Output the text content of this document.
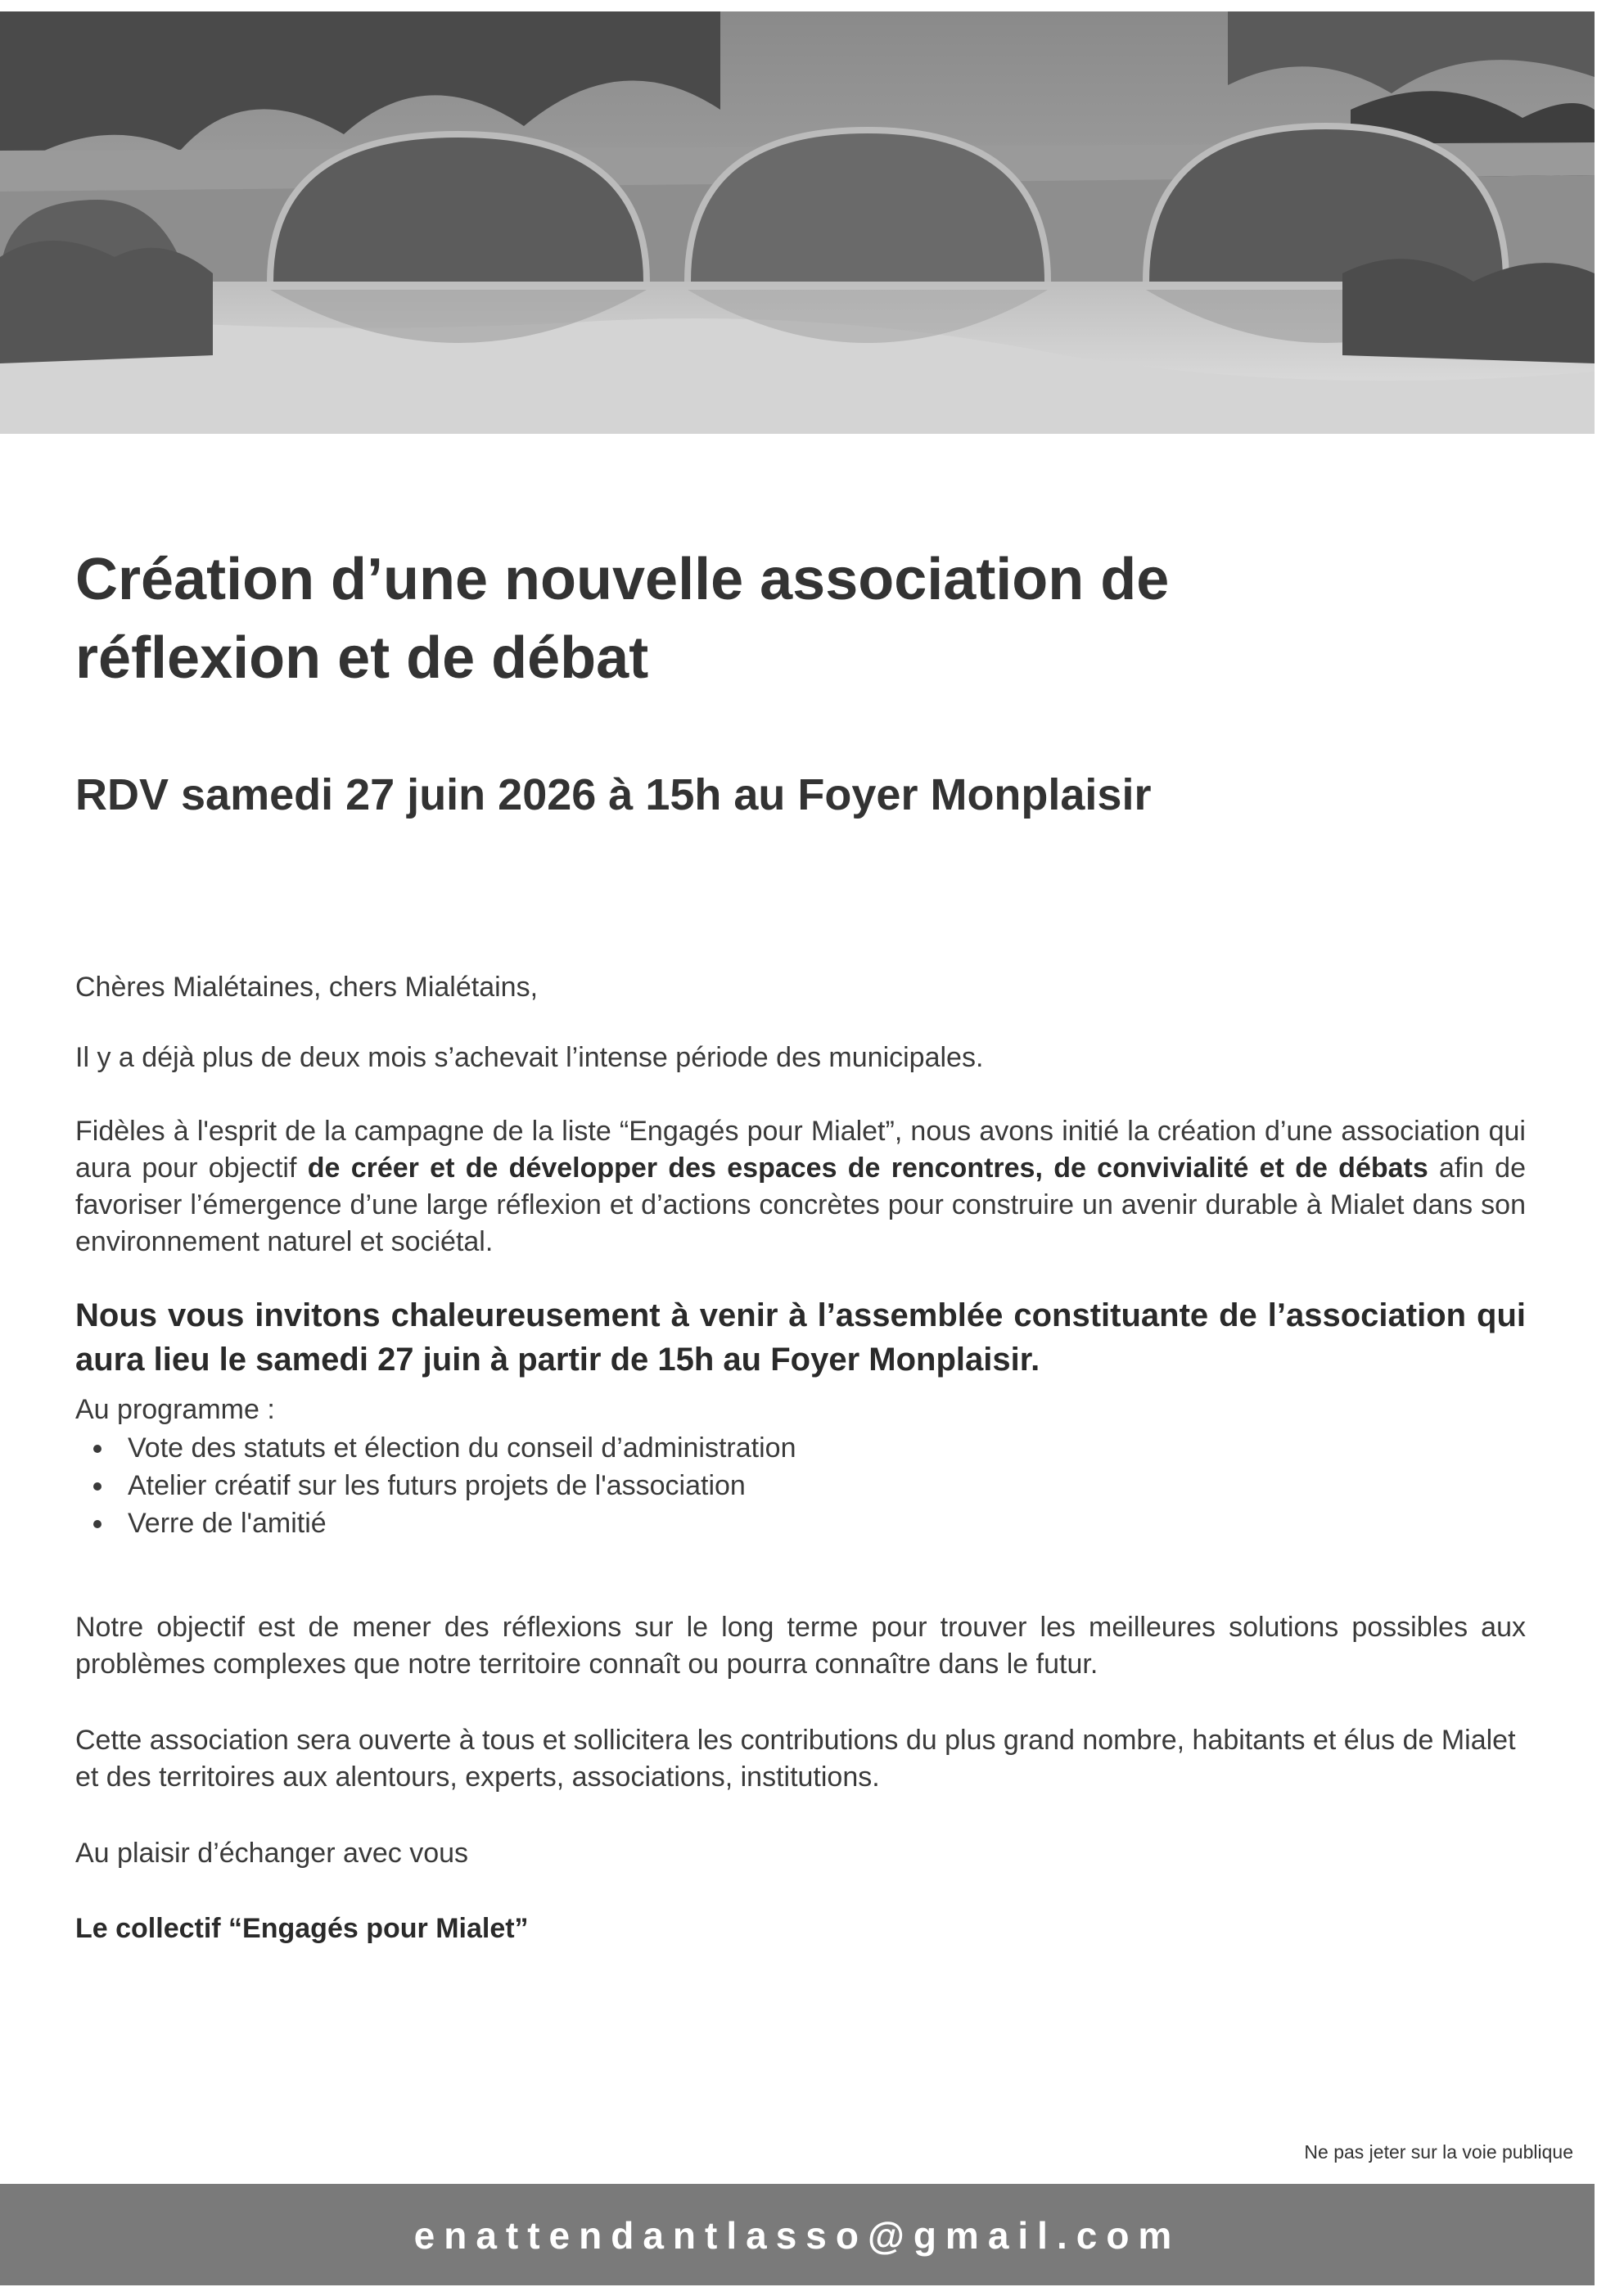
Création d’une nouvelle association de
réflexion et de débat
RDV samedi 27 juin 2026 à 15h au Foyer Monplaisir

Chères Mialétaines, chers Mialétains,

Il y a déjà plus de deux mois s’achevait l’intense période des municipales.

Fidèles à l'esprit de la campagne de la liste “Engagés pour Mialet”, nous avons initié la création d’une association qui aura pour objectif de créer et de développer des espaces de rencontres, de convivialité et de débats afin de favoriser l’émergence d’une large réflexion et d’actions concrètes pour construire un avenir durable à Mialet dans son environnement naturel et sociétal.

Nous vous invitons chaleureusement à venir à l’assemblée constituante de l’association qui aura lieu le samedi 27 juin à partir de 15h au Foyer Monplaisir.

Au programme :

Vote des statuts et élection du conseil d’administration
Atelier créatif sur les futurs projets de l'association
Verre de l'amitié

Notre objectif est de mener des réflexions sur le long terme pour trouver les meilleures solutions possibles aux problèmes complexes que notre territoire connaît ou pourra connaître dans le futur.

Cette association sera ouverte à tous et sollicitera les contributions du plus grand nombre, habitants et élus de Mialet et des territoires aux alentours, experts, associations, institutions.

Au plaisir d’échanger avec vous

Le collectif “Engagés pour Mialet”

Ne pas jeter sur la voie publique

enattendantlasso@gmail.com
